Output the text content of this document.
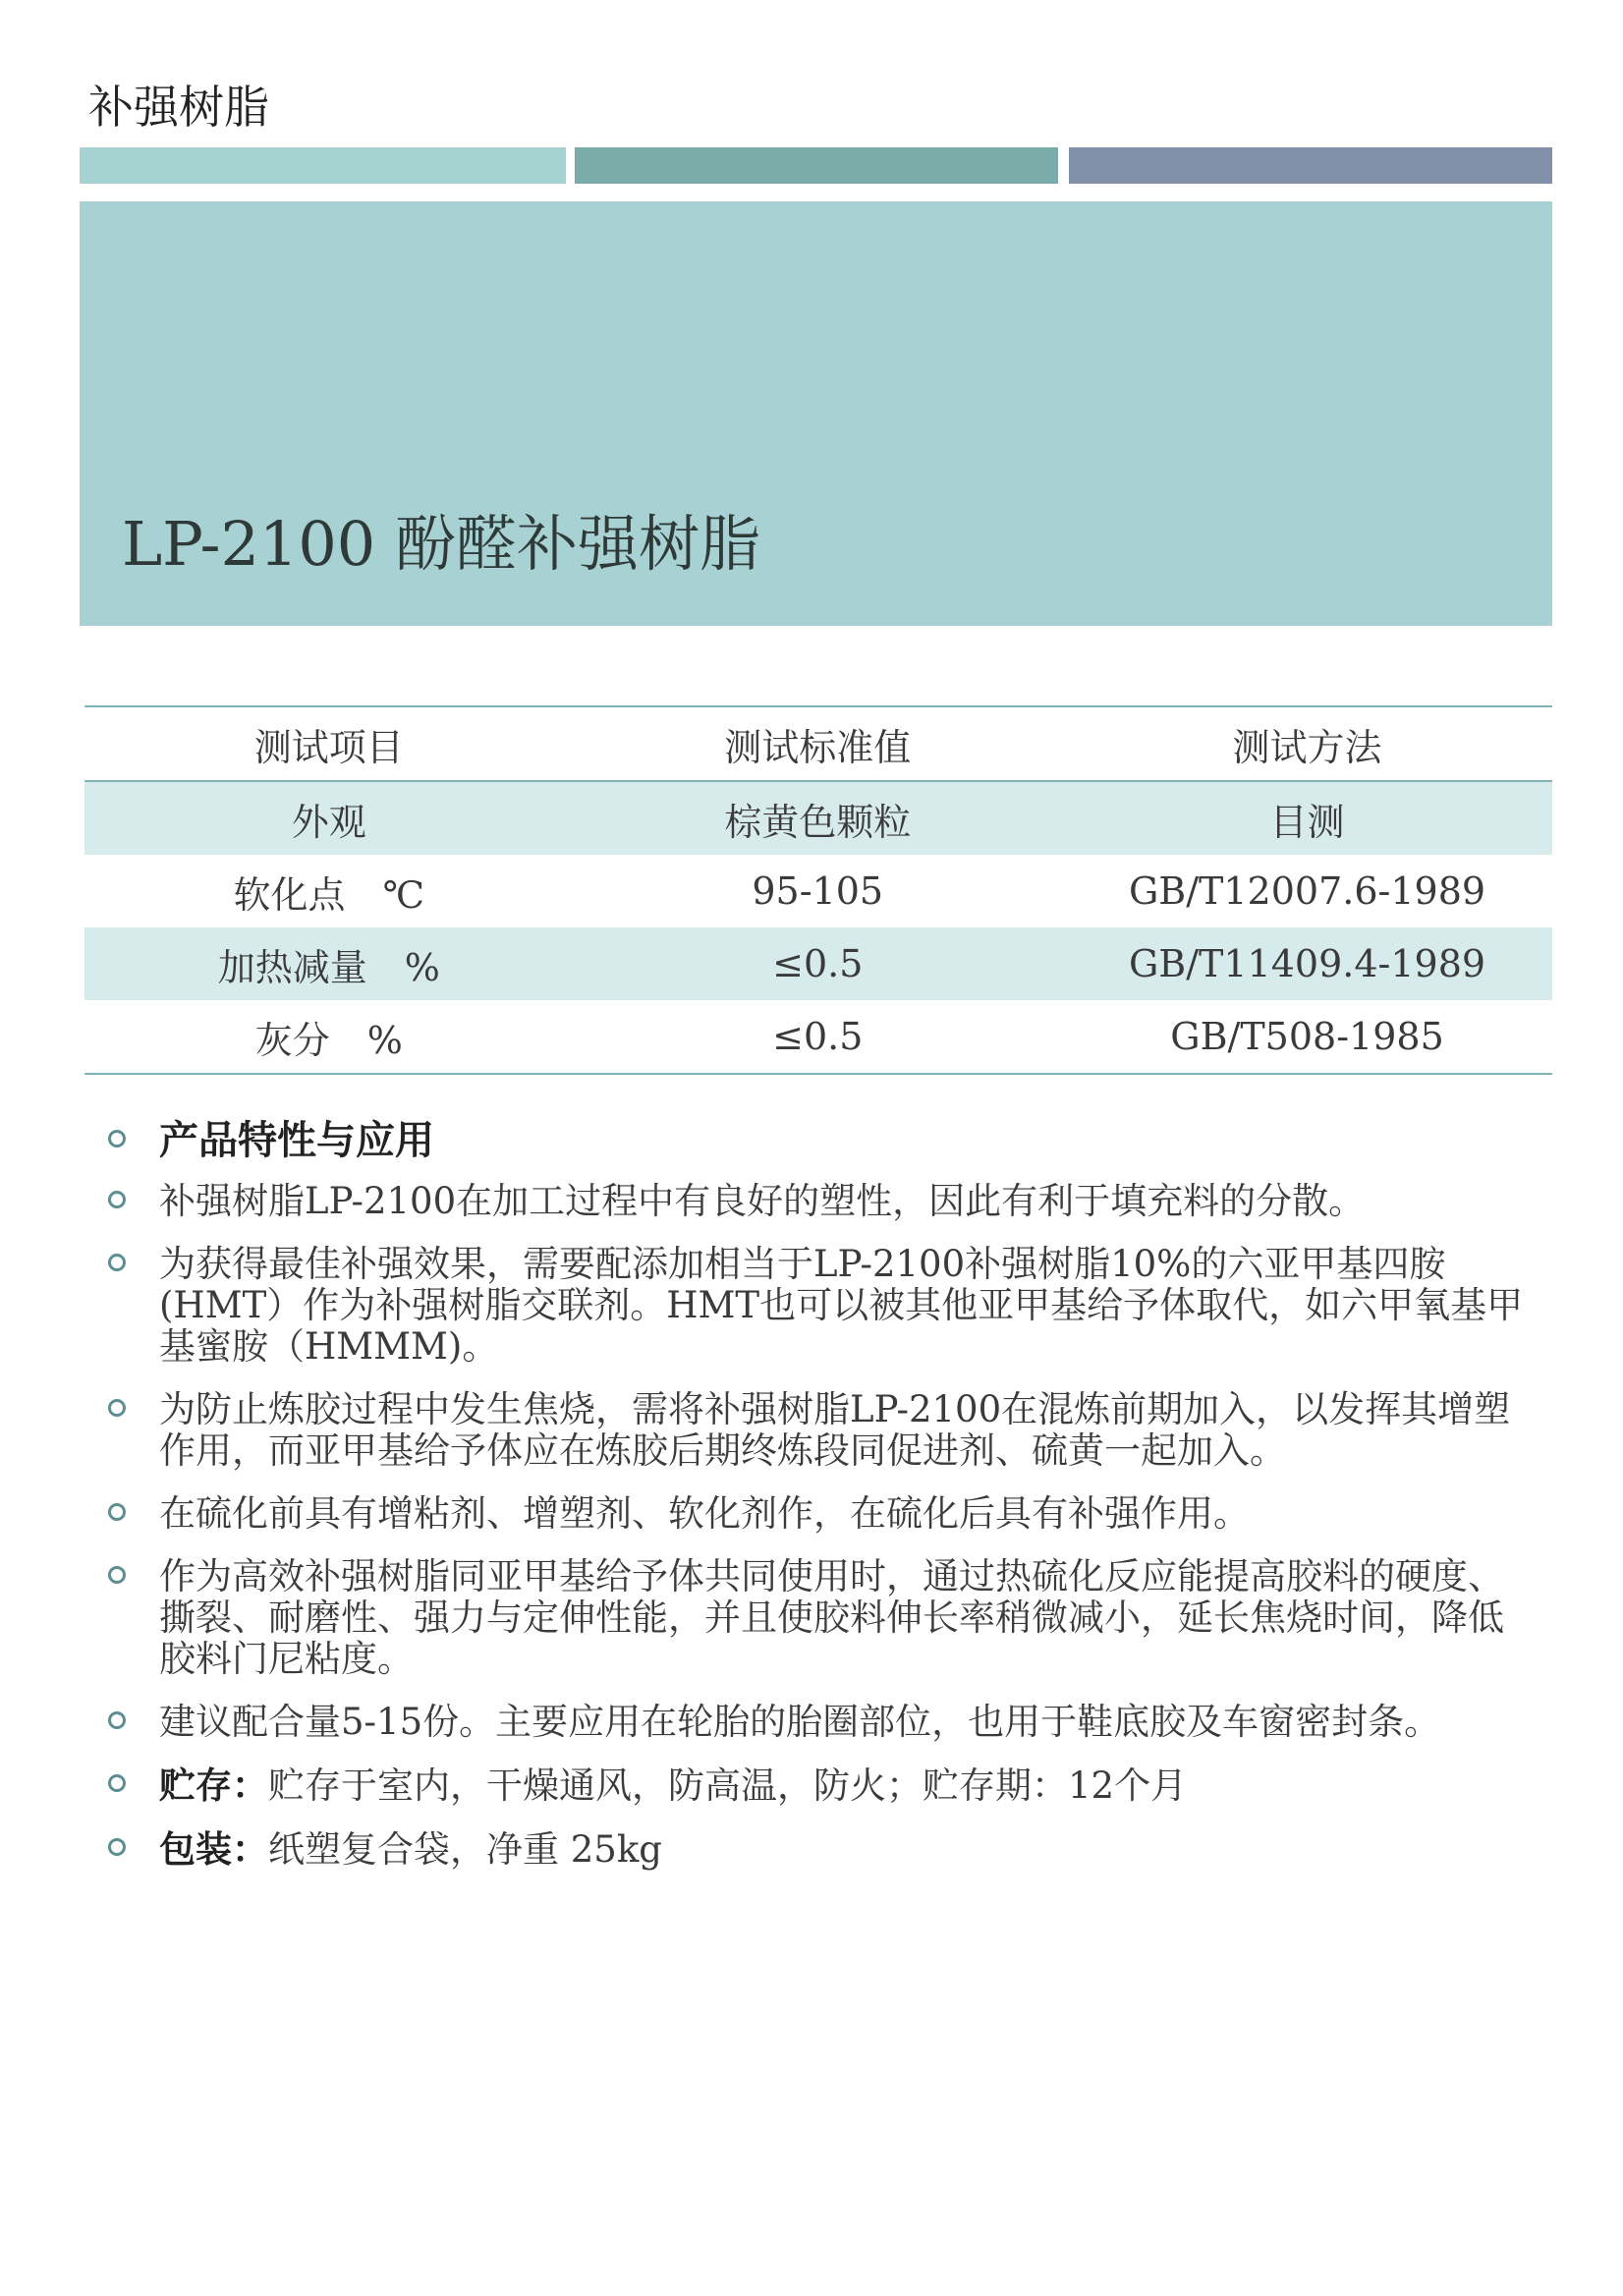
补强树脂
LP-2100 酚醛补强树脂
测试项目	测试标准值	测试方法
外观	棕黄色颗粒	目测
软化点　℃	95-105	GB/T12007.6-1989
加热减量　%	≤0.5	GB/T11409.4-1989
灰分　%	≤0.5	GB/T508-1985
产品特性与应用
补强树脂LP-2100在加工过程中有良好的塑性，因此有利于填充料的分散。
为获得最佳补强效果，需要配添加相当于LP-2100补强树脂10%的六亚甲基四胺(HMT）作为补强树脂交联剂。HMT也可以被其他亚甲基给予体取代，如六甲氧基甲基蜜胺（HMMM)。
为防止炼胶过程中发生焦烧，需将补强树脂LP-2100在混炼前期加入，以发挥其增塑作用，而亚甲基给予体应在炼胶后期终炼段同促进剂、硫黄一起加入。
在硫化前具有增粘剂、增塑剂、软化剂作，在硫化后具有补强作用。
作为高效补强树脂同亚甲基给予体共同使用时，通过热硫化反应能提高胶料的硬度、撕裂、耐磨性、强力与定伸性能，并且使胶料伸长率稍微减小，延长焦烧时间，降低胶料门尼粘度。
建议配合量5-15份。主要应用在轮胎的胎圈部位，也用于鞋底胶及车窗密封条。
贮存：贮存于室内，干燥通风，防高温，防火；贮存期：12个月
包装：纸塑复合袋，净重 25kg
